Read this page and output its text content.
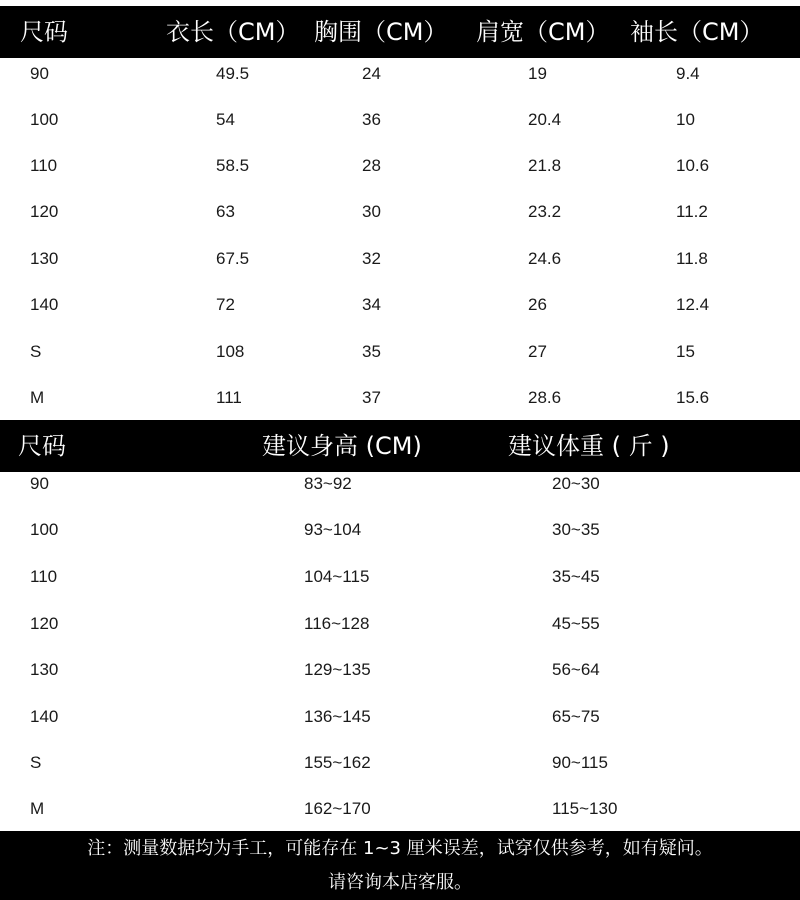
尺码	衣长（CM） 胸围（CM） 肩宽（CM） 袖长（CM）
90	49.5	24	19	9.4
100	54	36	20.4	10
110	58.5	28	21.8	10.6
120	63	30	23.2	11.2
130	67.5	32	24.6	11.8
140	72	34	26	12.4
S	108	35	27	15
M	111	37	28.6	15.6
尺码	建议身高 (CM)	建议体重 ( 斤 )
90	83~92	20~30
100	93~104	30~35
110	104~115	35~45
120	116~128	45~55
130	129~135	56~64
140	136~145	65~75
S	155~162	90~115
M	162~170	115~130
注：测量数据均为手工，可能存在 1~3 厘米误差，试穿仅供参考，如有疑问。
请咨询本店客服。
